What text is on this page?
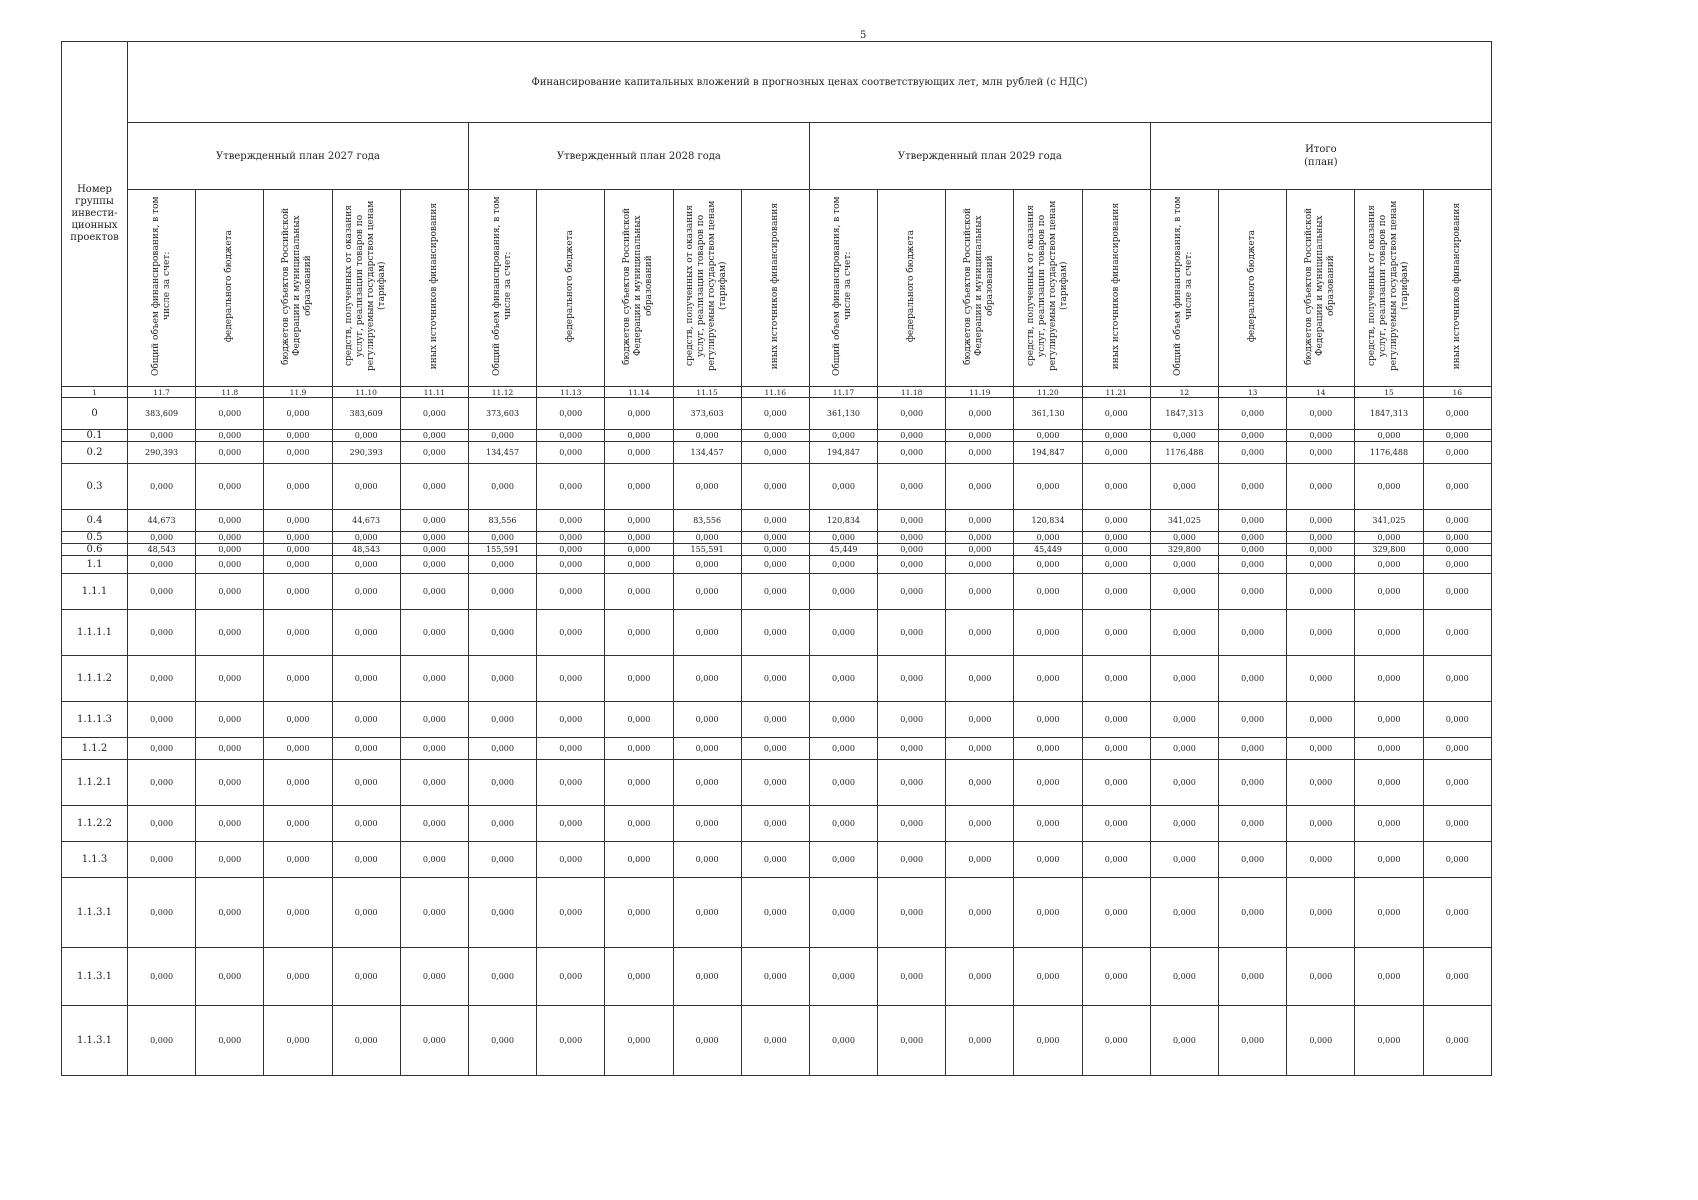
5
Номер группы инвести-ционных проектов	Финансирование капитальных вложений в прогнозных ценах соответствующих лет, млн рублей (с НДС)																			
	Утвержденный план 2027 года					Утвержденный план 2028 года					Утвержденный план 2029 года					Итого
(план)				
	Общий объем финансирования, в том числе за счет:	федерального бюджета	бюджетов субъектов Российской Федерации и муниципальных образований	средств, полученных от оказания услуг, реализации товаров по регулируемым государством ценам (тарифам)	иных источников финансирования	Общий объем финансирования, в том числе за счет:	федерального бюджета	бюджетов субъектов Российской Федерации и муниципальных образований	средств, полученных от оказания услуг, реализации товаров по регулируемым государством ценам (тарифам)	иных источников финансирования	Общий объем финансирования, в том числе за счет:	федерального бюджета	бюджетов субъектов Российской Федерации и муниципальных образований	средств, полученных от оказания услуг, реализации товаров по регулируемым государством ценам (тарифам)	иных источников финансирования	Общий объем финансирования, в том числе за счет:	федерального бюджета	бюджетов субъектов Российской Федерации и муниципальных образований	средств, полученных от оказания услуг, реализации товаров по регулируемым государством ценам (тарифам)	иных источников финансирования
1	11.7	11.8	11.9	11.10	11.11	11.12	11.13	11.14	11.15	11.16	11.17	11.18	11.19	11.20	11.21	12	13	14	15	16
0	383,609	0,000	0,000	383,609	0,000	373,603	0,000	0,000	373,603	0,000	361,130	0,000	0,000	361,130	0,000	1847,313	0,000	0,000	1847,313	0,000
0.1	0,000	0,000	0,000	0,000	0,000	0,000	0,000	0,000	0,000	0,000	0,000	0,000	0,000	0,000	0,000	0,000	0,000	0,000	0,000	0,000
0.2	290,393	0,000	0,000	290,393	0,000	134,457	0,000	0,000	134,457	0,000	194,847	0,000	0,000	194,847	0,000	1176,488	0,000	0,000	1176,488	0,000
0.3	0,000	0,000	0,000	0,000	0,000	0,000	0,000	0,000	0,000	0,000	0,000	0,000	0,000	0,000	0,000	0,000	0,000	0,000	0,000	0,000
0.4	44,673	0,000	0,000	44,673	0,000	83,556	0,000	0,000	83,556	0,000	120,834	0,000	0,000	120,834	0,000	341,025	0,000	0,000	341,025	0,000
0.5	0,000	0,000	0,000	0,000	0,000	0,000	0,000	0,000	0,000	0,000	0,000	0,000	0,000	0,000	0,000	0,000	0,000	0,000	0,000	0,000
0.6	48,543	0,000	0,000	48,543	0,000	155,591	0,000	0,000	155,591	0,000	45,449	0,000	0,000	45,449	0,000	329,800	0,000	0,000	329,800	0,000
1.1	0,000	0,000	0,000	0,000	0,000	0,000	0,000	0,000	0,000	0,000	0,000	0,000	0,000	0,000	0,000	0,000	0,000	0,000	0,000	0,000
1.1.1	0,000	0,000	0,000	0,000	0,000	0,000	0,000	0,000	0,000	0,000	0,000	0,000	0,000	0,000	0,000	0,000	0,000	0,000	0,000	0,000
1.1.1.1	0,000	0,000	0,000	0,000	0,000	0,000	0,000	0,000	0,000	0,000	0,000	0,000	0,000	0,000	0,000	0,000	0,000	0,000	0,000	0,000
1.1.1.2	0,000	0,000	0,000	0,000	0,000	0,000	0,000	0,000	0,000	0,000	0,000	0,000	0,000	0,000	0,000	0,000	0,000	0,000	0,000	0,000
1.1.1.3	0,000	0,000	0,000	0,000	0,000	0,000	0,000	0,000	0,000	0,000	0,000	0,000	0,000	0,000	0,000	0,000	0,000	0,000	0,000	0,000
1.1.2	0,000	0,000	0,000	0,000	0,000	0,000	0,000	0,000	0,000	0,000	0,000	0,000	0,000	0,000	0,000	0,000	0,000	0,000	0,000	0,000
1.1.2.1	0,000	0,000	0,000	0,000	0,000	0,000	0,000	0,000	0,000	0,000	0,000	0,000	0,000	0,000	0,000	0,000	0,000	0,000	0,000	0,000
1.1.2.2	0,000	0,000	0,000	0,000	0,000	0,000	0,000	0,000	0,000	0,000	0,000	0,000	0,000	0,000	0,000	0,000	0,000	0,000	0,000	0,000
1.1.3	0,000	0,000	0,000	0,000	0,000	0,000	0,000	0,000	0,000	0,000	0,000	0,000	0,000	0,000	0,000	0,000	0,000	0,000	0,000	0,000
1.1.3.1	0,000	0,000	0,000	0,000	0,000	0,000	0,000	0,000	0,000	0,000	0,000	0,000	0,000	0,000	0,000	0,000	0,000	0,000	0,000	0,000
1.1.3.1	0,000	0,000	0,000	0,000	0,000	0,000	0,000	0,000	0,000	0,000	0,000	0,000	0,000	0,000	0,000	0,000	0,000	0,000	0,000	0,000
1.1.3.1	0,000	0,000	0,000	0,000	0,000	0,000	0,000	0,000	0,000	0,000	0,000	0,000	0,000	0,000	0,000	0,000	0,000	0,000	0,000	0,000
